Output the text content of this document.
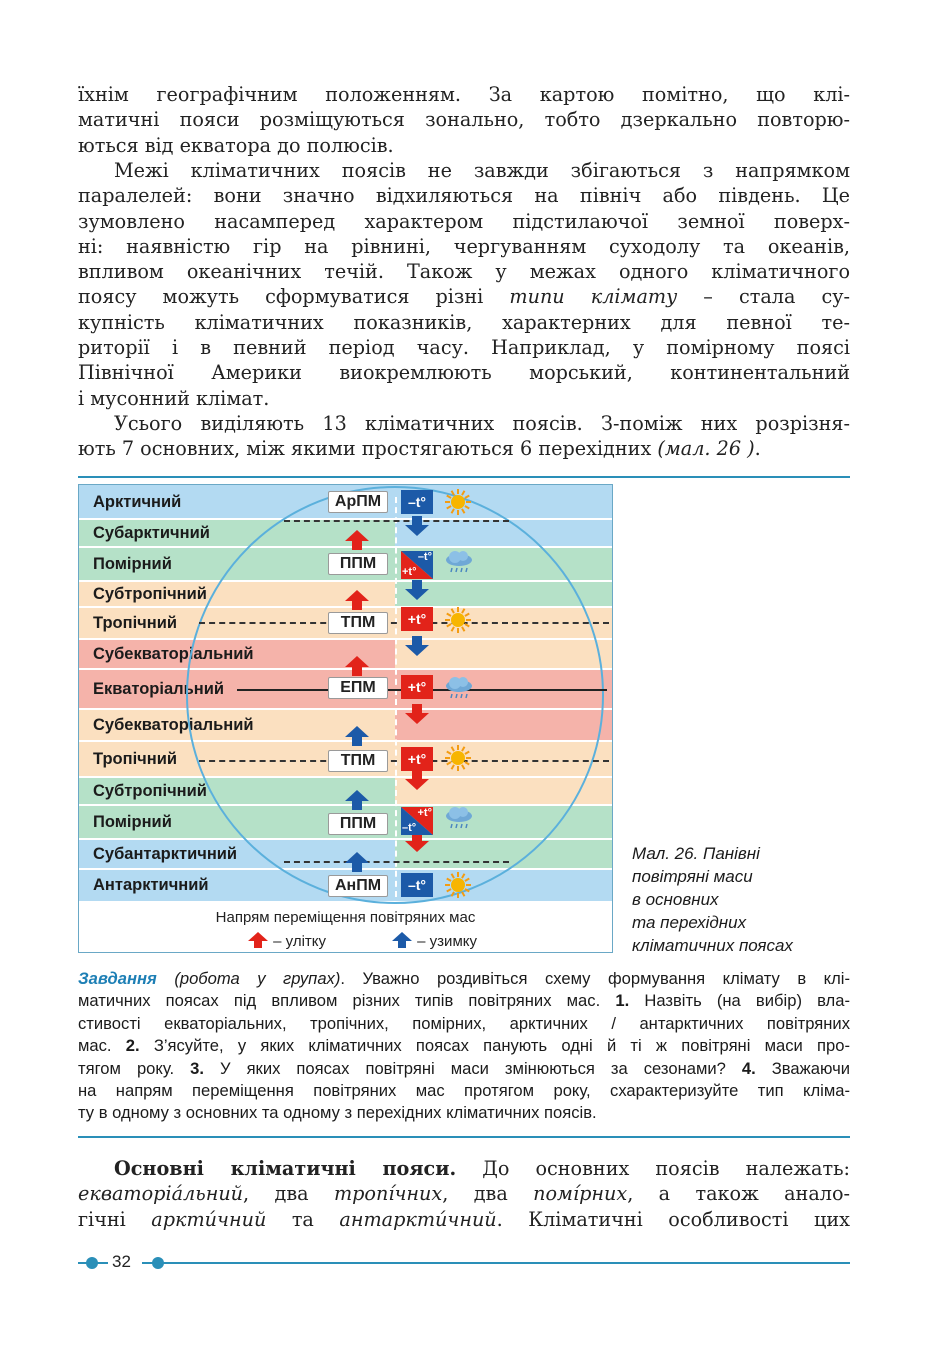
їхнім географічним положенням. За картою помітно, що клі-
матичні пояси розміщуються зонально, тобто дзеркально повторю-
ються від екватора до полюсів.
Межі кліматичних поясів не завжди збігаються з напрямком
паралелей: вони значно відхиляються на північ або південь. Це
зумовлено насамперед характером підстилаючої земної поверх-
ні: наявністю гір на рівнині, чергуванням суходолу та океанів,
впливом океанічних течій. Також у межах одного кліматичного
поясу можуть сформуватися різні типи клімату – стала су-
купність кліматичних показників, характерних для певної те-
риторії і в певний період часу. Наприклад, у помірному поясі
Північної Америки виокремлюють морський, континентальний
і мусонний клімат.
Усього виділяють 13 кліматичних поясів. З-поміж них розрізня-
ють 7 основних, між якими простягаються 6 перехідних (мал. 26 ).
Арктичний
Субарктичний
Помірний
Субтропічний
Тропічний
Субекваторіальний
Екваторіальний
Субекваторіальний
Тропічний
Субтропічний
Помірний
Субантарктичний
Антарктичний
АрПМ
ППМ
ТПМ
ЕПМ
ТПМ
ППМ
АнПМ
–t°
+t°
+t°
+t°
–t°
–t°
+t°
+t°
–t°
Напрям переміщення повітряних мас
– улітку	– узимку
Мал. 26. Панівні
повітряні маси
в основних
та перехідних
кліматичних поясах
Завдання (робота у групах). Уважно роздивіться схему формування клімату в клі-
матичних поясах під впливом різних типів повітряних мас. 1. Назвіть (на вибір) вла-
стивості екваторіальних, тропічних, помірних, арктичних / антарктичних повітряних
мас. 2. З’ясуйте, у яких кліматичних поясах панують одні й ті ж повітряні маси про-
тягом року. 3. У яких поясах повітряні маси змінюються за сезонами? 4. Зважаючи
на напрям переміщення повітряних мас протягом року, схарактеризуйте тип кліма-
ту в одному з основних та одному з перехідних кліматичних поясів.
Основні кліматичні пояси. До основних поясів належать:
екваторіа́льний, два тропі́чних, два помі́рних, а також анало-
гічні аркти́чний та антаркти́чний. Кліматичні особливості цих
32
